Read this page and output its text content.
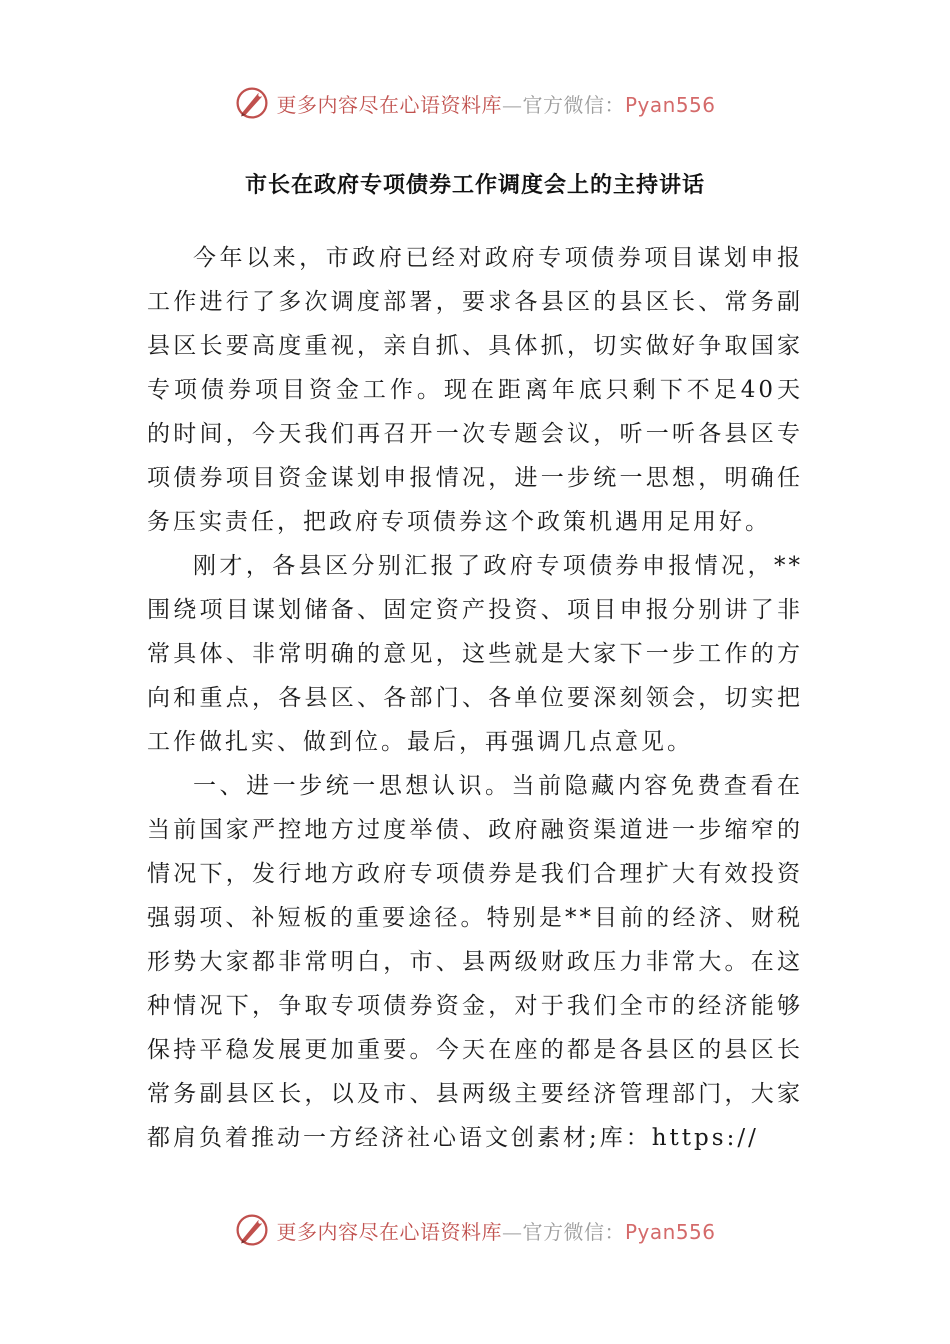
更多内容尽在心语资料库—官方微信：Pyan556
市长在政府专项债券工作调度会上的主持讲话

今年以来，市政府已经对政府专项债券项目谋划申报工作进行了多次调度部署，要求各县区的县区长、常务副县区长要高度重视，亲自抓、具体抓，切实做好争取国家专项债券项目资金工作。现在距离年底只剩下不足40天的时间，今天我们再召开一次专题会议，听一听各县区专项债券项目资金谋划申报情况，进一步统一思想，明确任务压实责任，把政府专项债券这个政策机遇用足用好。

刚才，各县区分别汇报了政府专项债券申报情况，**围绕项目谋划储备、固定资产投资、项目申报分别讲了非常具体、非常明确的意见，这些就是大家下一步工作的方向和重点，各县区、各部门、各单位要深刻领会，切实把工作做扎实、做到位。最后，再强调几点意见。

一、进一步统一思想认识。当前隐藏内容免费查看在当前国家严控地方过度举债、政府融资渠道进一步缩窄的情况下，发行地方政府专项债券是我们合理扩大有效投资强弱项、补短板的重要途径。特别是**目前的经济、财税形势大家都非常明白，市、县两级财政压力非常大。在这种情况下，争取专项债券资金，对于我们全市的经济能够保持平稳发展更加重要。今天在座的都是各县区的县区长常务副县区长，以及市、县两级主要经济管理部门，大家都肩负着推动一方经济社心语文创素材;库：https://

更多内容尽在心语资料库—官方微信：Pyan556
